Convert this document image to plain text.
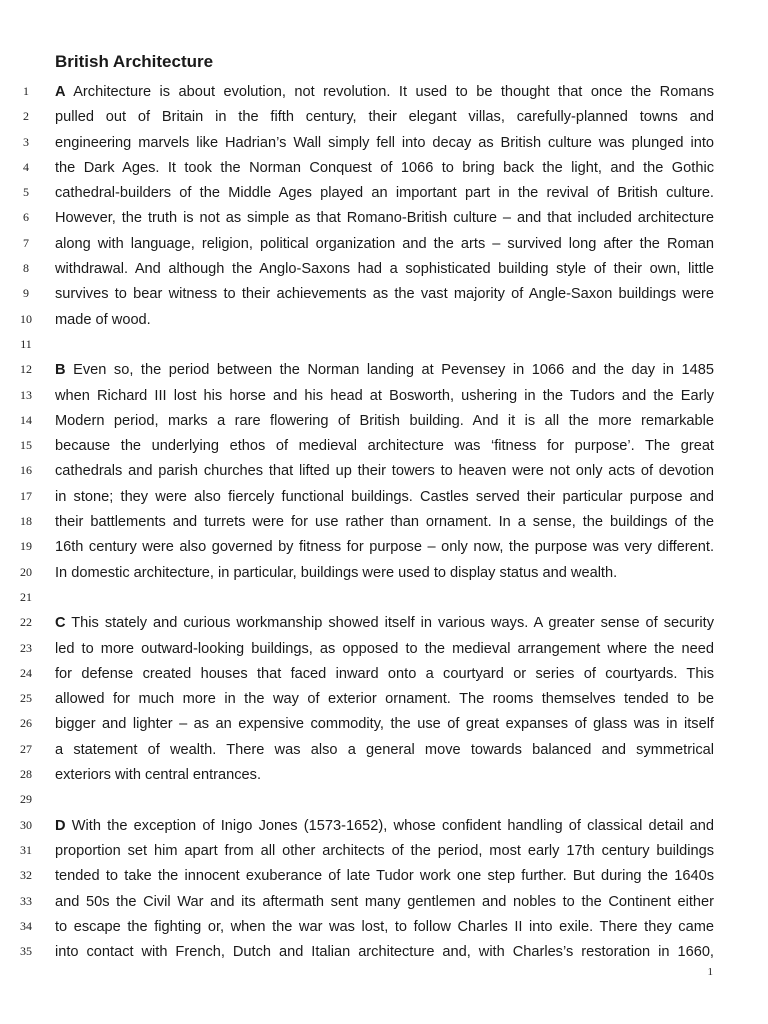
British Architecture
1
2
3
4
5
6
7
8
9
10
11
12
13
14
15
16
17
18
19
20
21
22
23
24
25
26
27
28
29
30
31
32
33
34
35
A Architecture is about evolution, not revolution. It used to be thought that once the Romans
pulled out of Britain in the fifth century, their elegant villas, carefully-planned towns and
engineering marvels like Hadrian’s Wall simply fell into decay as British culture was plunged into
the Dark Ages. It took the Norman Conquest of 1066 to bring back the light, and the Gothic
cathedral-builders of the Middle Ages played an important part in the revival of British culture.
However, the truth is not as simple as that Romano-British culture – and that included architecture
along with language, religion, political organization and the arts – survived long after the Roman
withdrawal. And although the Anglo-Saxons had a sophisticated building style of their own, little
survives to bear witness to their achievements as the vast majority of Angle-Saxon buildings were
made of wood.
B Even so, the period between the Norman landing at Pevensey in 1066 and the day in 1485
when Richard III lost his horse and his head at Bosworth, ushering in the Tudors and the Early
Modern period, marks a rare flowering of British building. And it is all the more remarkable
because the underlying ethos of medieval architecture was ‘fitness for purpose’. The great
cathedrals and parish churches that lifted up their towers to heaven were not only acts of devotion
in stone; they were also fiercely functional buildings. Castles served their particular purpose and
their battlements and turrets were for use rather than ornament. In a sense, the buildings of the
16th century were also governed by fitness for purpose – only now, the purpose was very different.
In domestic architecture, in particular, buildings were used to display status and wealth.
C This stately and curious workmanship showed itself in various ways. A greater sense of security
led to more outward-looking buildings, as opposed to the medieval arrangement where the need
for defense created houses that faced inward onto a courtyard or series of courtyards. This
allowed for much more in the way of exterior ornament. The rooms themselves tended to be
bigger and lighter – as an expensive commodity, the use of great expanses of glass was in itself
a statement of wealth. There was also a general move towards balanced and symmetrical
exteriors with central entrances.
D With the exception of Inigo Jones (1573-1652), whose confident handling of classical detail and
proportion set him apart from all other architects of the period, most early 17th century buildings
tended to take the innocent exuberance of late Tudor work one step further. But during the 1640s
and 50s the Civil War and its aftermath sent many gentlemen and nobles to the Continent either
to escape the fighting or, when the war was lost, to follow Charles II into exile. There they came
into contact with French, Dutch and Italian architecture and, with Charles’s restoration in 1660,
1
